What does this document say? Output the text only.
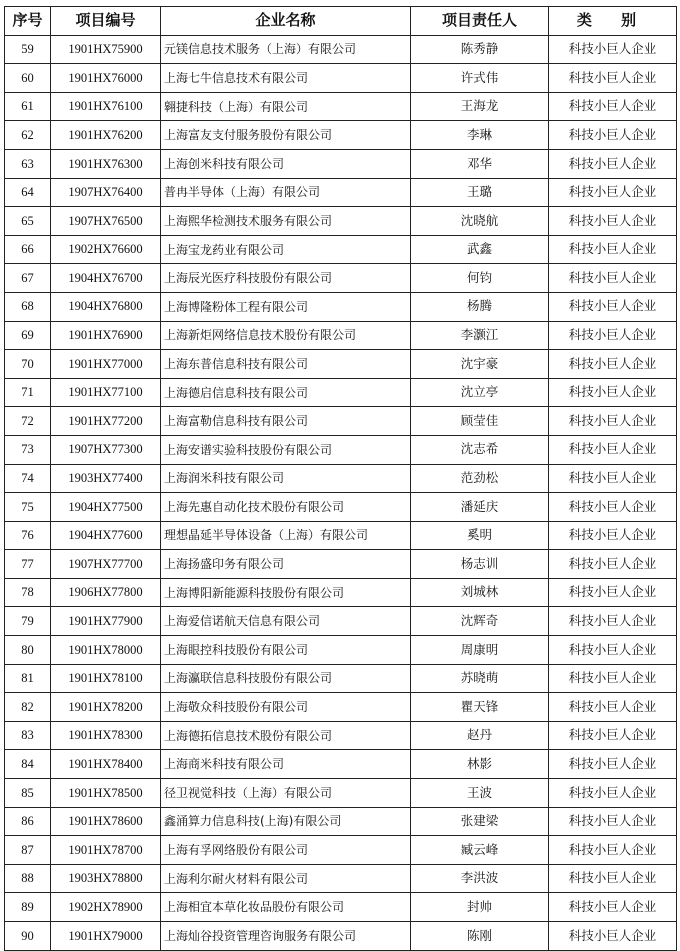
序号	项目编号	企业名称	项目责任人	类 别
59	1901HX75900	元镁信息技术服务（上海）有限公司	陈秀静	科技小巨人企业
60	1901HX76000	上海七牛信息技术有限公司	许式伟	科技小巨人企业
61	1901HX76100	翱捷科技（上海）有限公司	王海龙	科技小巨人企业
62	1901HX76200	上海富友支付服务股份有限公司	李琳	科技小巨人企业
63	1901HX76300	上海创米科技有限公司	邓华	科技小巨人企业
64	1907HX76400	普冉半导体（上海）有限公司	王璐	科技小巨人企业
65	1907HX76500	上海熙华检测技术服务有限公司	沈晓航	科技小巨人企业
66	1902HX76600	上海宝龙药业有限公司	武鑫	科技小巨人企业
67	1904HX76700	上海辰光医疗科技股份有限公司	何钧	科技小巨人企业
68	1904HX76800	上海博隆粉体工程有限公司	杨腾	科技小巨人企业
69	1901HX76900	上海新炬网络信息技术股份有限公司	李灏江	科技小巨人企业
70	1901HX77000	上海东普信息科技有限公司	沈宇豪	科技小巨人企业
71	1901HX77100	上海德启信息科技有限公司	沈立亭	科技小巨人企业
72	1901HX77200	上海富勒信息科技有限公司	顾莹佳	科技小巨人企业
73	1907HX77300	上海安谱实验科技股份有限公司	沈志希	科技小巨人企业
74	1903HX77400	上海润米科技有限公司	范劲松	科技小巨人企业
75	1904HX77500	上海先惠自动化技术股份有限公司	潘延庆	科技小巨人企业
76	1904HX77600	理想晶延半导体设备（上海）有限公司	奚明	科技小巨人企业
77	1907HX77700	上海扬盛印务有限公司	杨志训	科技小巨人企业
78	1906HX77800	上海博阳新能源科技股份有限公司	刘城林	科技小巨人企业
79	1901HX77900	上海爱信诺航天信息有限公司	沈辉奇	科技小巨人企业
80	1901HX78000	上海眼控科技股份有限公司	周康明	科技小巨人企业
81	1901HX78100	上海瀛联信息科技股份有限公司	苏晓萌	科技小巨人企业
82	1901HX78200	上海敬众科技股份有限公司	瞿天锋	科技小巨人企业
83	1901HX78300	上海德拓信息技术股份有限公司	赵丹	科技小巨人企业
84	1901HX78400	上海商米科技有限公司	林影	科技小巨人企业
85	1901HX78500	径卫视觉科技（上海）有限公司	王波	科技小巨人企业
86	1901HX78600	鑫涌算力信息科技(上海)有限公司	张建梁	科技小巨人企业
87	1901HX78700	上海有孚网络股份有限公司	臧云峰	科技小巨人企业
88	1903HX78800	上海利尔耐火材料有限公司	李洪波	科技小巨人企业
89	1902HX78900	上海相宜本草化妆品股份有限公司	封帅	科技小巨人企业
90	1901HX79000	上海灿谷投资管理咨询服务有限公司	陈刚	科技小巨人企业
